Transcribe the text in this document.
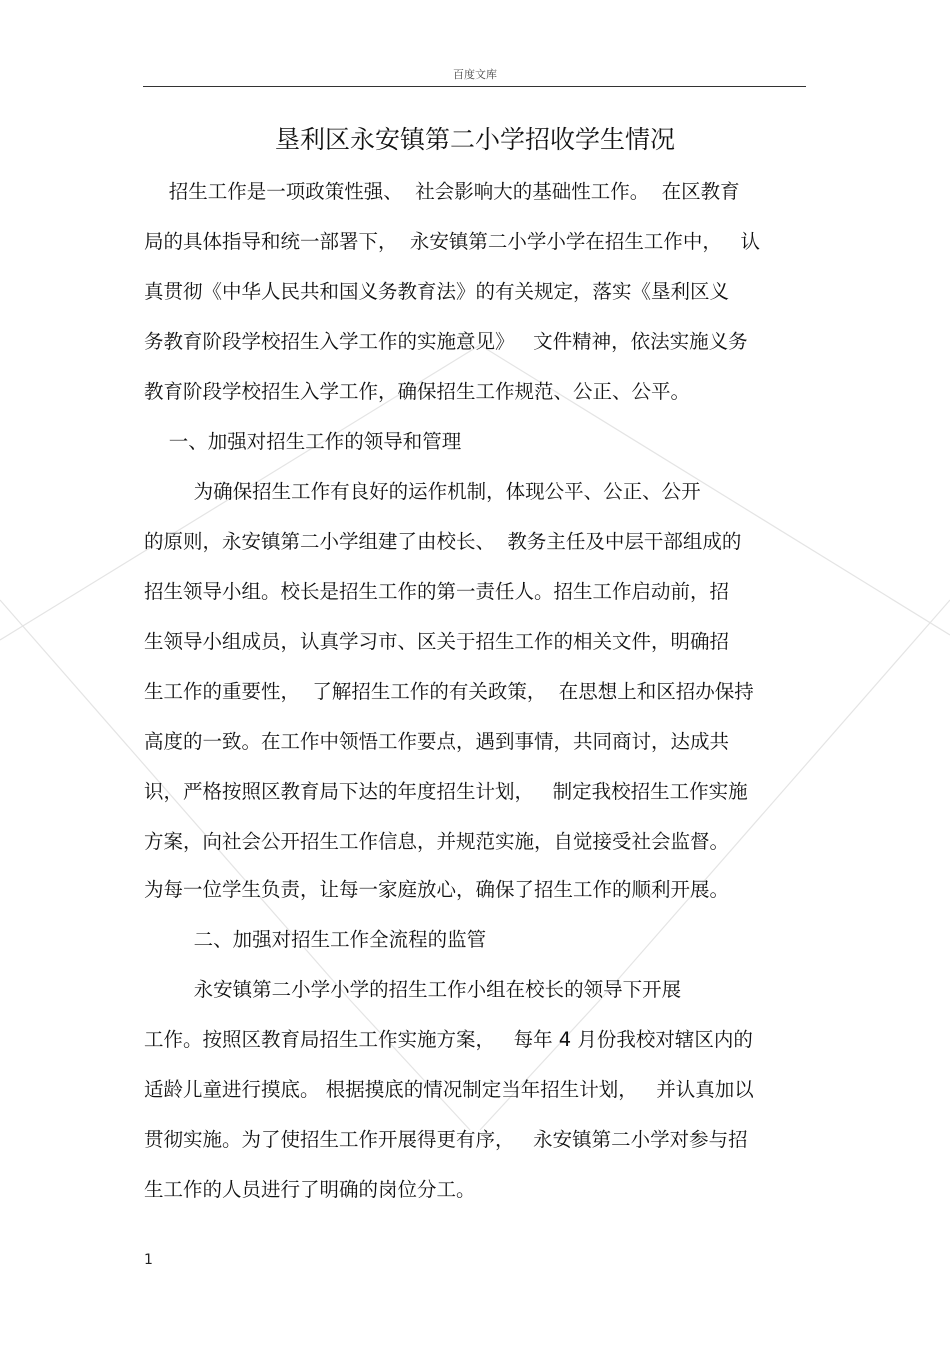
百度文库
垦利区永安镇第二小学招收学生情况
招生工作是一项政策性强、  社会影响大的基础性工作。  在区教育
局的具体指导和统一部署下，  永安镇第二小学小学在招生工作中，   认
真贯彻《中华人民共和国义务教育法》的有关规定，落实《垦利区义
务教育阶段学校招生入学工作的实施意见》   文件精神，依法实施义务
教育阶段学校招生入学工作，确保招生工作规范、公正、公平。
一、加强对招生工作的领导和管理
为确保招生工作有良好的运作机制，体现公平、公正、公开
的原则，永安镇第二小学组建了由校长、  教务主任及中层干部组成的
招生领导小组。校长是招生工作的第一责任人。招生工作启动前，招
生领导小组成员，认真学习市、区关于招生工作的相关文件，明确招
生工作的重要性，  了解招生工作的有关政策，  在思想上和区招办保持
高度的一致。在工作中领悟工作要点，遇到事情，共同商讨，达成共
识，严格按照区教育局下达的年度招生计划，   制定我校招生工作实施
方案，向社会公开招生工作信息，并规范实施，自觉接受社会监督。
为每一位学生负责，让每一家庭放心，确保了招生工作的顺利开展。
二、加强对招生工作全流程的监管
永安镇第二小学小学的招生工作小组在校长的领导下开展
工作。按照区教育局招生工作实施方案，   每年 4 月份我校对辖区内的
适龄儿童进行摸底。 根据摸底的情况制定当年招生计划，   并认真加以
贯彻实施。为了使招生工作开展得更有序，   永安镇第二小学对参与招
生工作的人员进行了明确的岗位分工。
1
